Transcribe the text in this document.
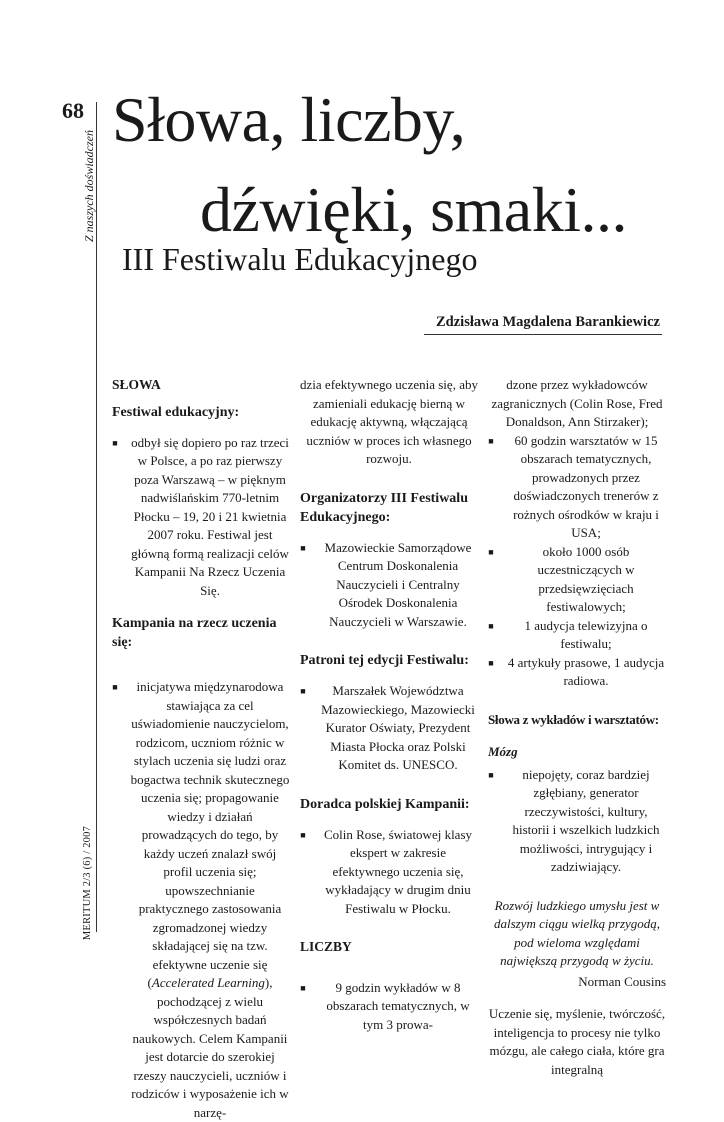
68
Z naszych doświadczeń
MERITUM 2/3 (6) / 2007
Słowa, liczby,
dźwięki, smaki...
III Festiwalu Edukacyjnego
Zdzisława Magdalena Barankiewicz
SŁOWA
Festiwal edukacyjny:
■ odbył się dopiero po raz trzeci w Polsce, a po raz pierwszy poza Warszawą – w pięknym nadwiślańskim 770-letnim Płocku – 19, 20 i 21 kwietnia 2007 roku. Festiwal jest główną formą realizacji celów Kampanii Na Rzecz Uczenia Się.
Kampania na rzecz uczenia się:
■ inicjatywa międzynarodowa stawiająca za cel uświadomienie nauczycielom, rodzicom, uczniom różnic w stylach uczenia się ludzi oraz bogactwa technik skutecznego uczenia się; propagowanie wiedzy i działań prowadzących do tego, by każdy uczeń znalazł swój profil uczenia się; upowszechnianie praktycznego zastosowania zgromadzonej wiedzy składającej się na tzw. efektywne uczenie się (Accelerated Learning), pochodzącej z wielu współczesnych badań naukowych. Celem Kampanii jest dotarcie do szerokiej rzeszy nauczycieli, uczniów i rodziców i wyposażenie ich w narzę-
dzia efektywnego uczenia się, aby zamieniali edukację bierną w edukację aktywną, włączającą uczniów w proces ich własnego rozwoju.
Organizatorzy III Festiwalu Edukacyjnego:
■ Mazowieckie Samorządowe Centrum Doskonalenia Nauczycieli i Centralny Ośrodek Doskonalenia Nauczycieli w Warszawie.
Patroni tej edycji Festiwalu:
■ Marszałek Województwa Mazowieckiego, Mazowiecki Kurator Oświaty, Prezydent Miasta Płocka oraz Polski Komitet ds. UNESCO.
Doradca polskiej Kampanii:
■ Colin Rose, światowej klasy ekspert w zakresie efektywnego uczenia się, wykładający w drugim dniu Festiwalu w Płocku.
LICZBY
■ 9 godzin wykładów w 8 obszarach tematycznych, w tym 3 prowa-
dzone przez wykładowców zagranicznych (Colin Rose, Fred Donaldson, Ann Stirzaker);
■ 60 godzin warsztatów w 15 obszarach tematycznych, prowadzonych przez doświadczonych trenerów z rożnych ośrodków w kraju i USA;
■	około 1000 osób uczestniczących w przedsięwzięciach festiwalowych;
■ 1 audycja telewizyjna o festiwalu;
■ 4 artykuły prasowe, 1 audycja radiowa.
Słowa z wykładów i warsztatów:
Mózg
■ niepojęty, coraz bardziej zgłębiany, generator rzeczywistości, kultury, historii i wszelkich ludzkich możliwości, intrygujący i zadziwiający.
Rozwój ludzkiego umysłu jest w dalszym ciągu wielką przygodą, pod wieloma względami największą przygodą w życiu.
Norman Cousins
Uczenie się, myślenie, twórczość, inteligencja to procesy nie tylko mózgu, ale całego ciała, które gra integralną
